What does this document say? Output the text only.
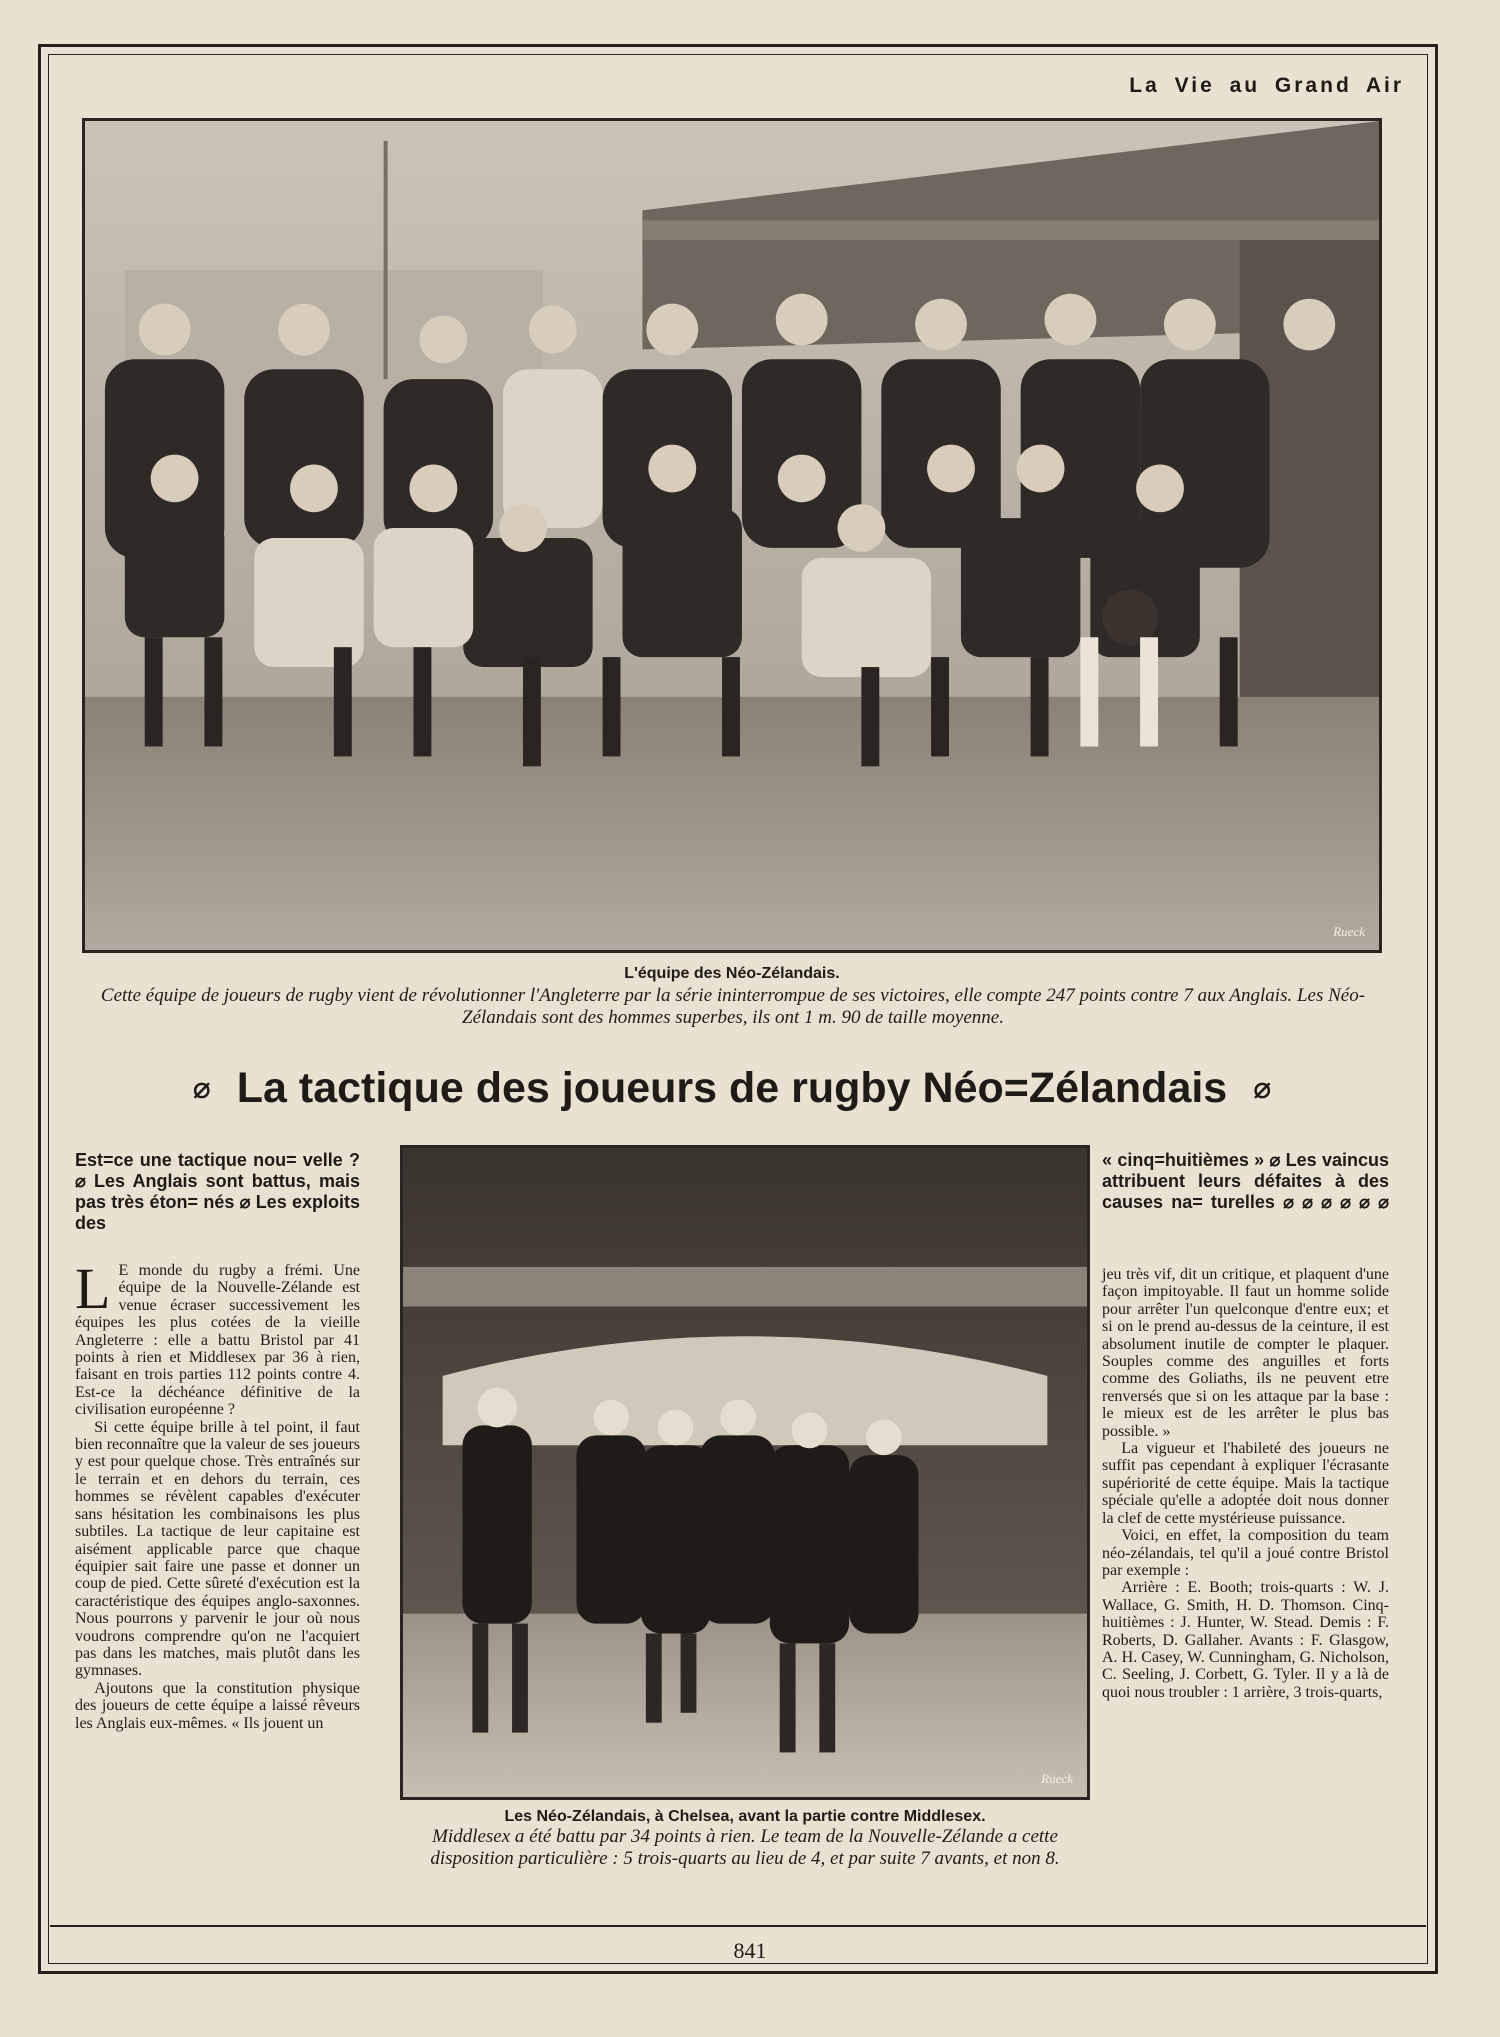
La Vie au Grand Air
Rueck
L'équipe des Néo-Zélandais.
Cette équipe de joueurs de rugby vient de révolutionner l'Angleterre par la série ininterrompue de ses victoires, elle compte 247 points contre 7 aux Anglais. Les Néo-Zélandais sont des hommes superbes, ils ont 1 m. 90 de taille moyenne.
⌀ La tactique des joueurs de rugby Néo=Zélandais ⌀
Est=ce une tactique nou= velle ? ⌀ Les Anglais sont battus, mais pas très éton= nés ⌀ Les exploits des

L E monde du rugby a frémi. Une équipe de la Nouvelle-Zélande est venue écraser successivement les équipes les plus cotées de la vieille Angleterre : elle a battu Bristol par 41 points à rien et Middlesex par 36 à rien, faisant en trois parties 112 points contre 4. Est-ce la déchéance définitive de la civilisation européenne ?

Si cette équipe brille à tel point, il faut bien reconnaître que la valeur de ses joueurs y est pour quelque chose. Très entraînés sur le terrain et en dehors du terrain, ces hommes se révèlent capables d'exécuter sans hésitation les combinaisons les plus subtiles. La tactique de leur capitaine est aisément applicable parce que chaque équipier sait faire une passe et donner un coup de pied. Cette sûreté d'exécution est la caractéristique des équipes anglo-saxonnes. Nous pourrons y parvenir le jour où nous voudrons comprendre qu'on ne l'acquiert pas dans les matches, mais plutôt dans les gymnases.

Ajoutons que la constitution physique des joueurs de cette équipe a laissé rêveurs les Anglais eux-mêmes. « Ils jouent un

Rueck
Les Néo-Zélandais, à Chelsea, avant la partie contre Middlesex.
Middlesex a été battu par 34 points à rien. Le team de la Nouvelle-Zélande a cette disposition particulière : 5 trois-quarts au lieu de 4, et par suite 7 avants, et non 8.
« cinq=huitièmes » ⌀ Les vaincus attribuent leurs défaites à des causes na= turelles ⌀ ⌀ ⌀ ⌀ ⌀ ⌀

jeu très vif, dit un critique, et plaquent d'une façon impitoyable. Il faut un homme solide pour arrêter l'un quelconque d'entre eux; et si on le prend au-dessus de la ceinture, il est absolument inutile de compter le plaquer. Souples comme des anguilles et forts comme des Goliaths, ils ne peuvent etre renversés que si on les attaque par la base : le mieux est de les arrêter le plus bas possible. »

La vigueur et l'habileté des joueurs ne suffit pas cependant à expliquer l'écrasante supériorité de cette équipe. Mais la tactique spéciale qu'elle a adoptée doit nous donner la clef de cette mystérieuse puissance.

Voici, en effet, la composition du team néo-zélandais, tel qu'il a joué contre Bristol par exemple :

Arrière : E. Booth; trois-quarts : W. J. Wallace, G. Smith, H. D. Thomson. Cinq-huitièmes : J. Hunter, W. Stead. Demis : F. Roberts, D. Gallaher. Avants : F. Glasgow, A. H. Casey, W. Cunningham, G. Nicholson, C. Seeling, J. Corbett, G. Tyler. Il y a là de quoi nous troubler : 1 arrière, 3 trois-quarts,

841
